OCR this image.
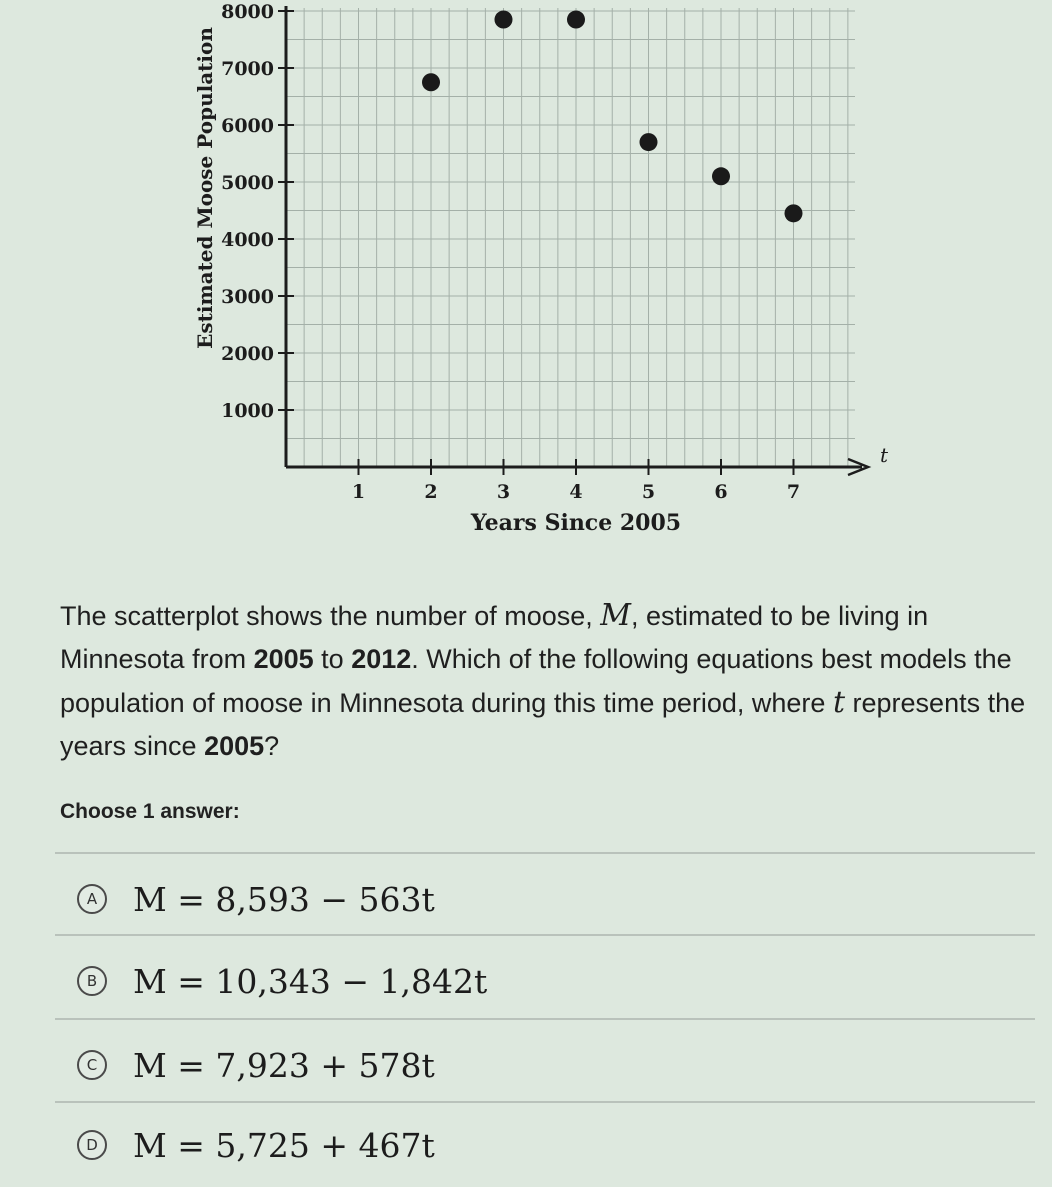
1000
2000
3000
4000
5000
6000
7000
8000
1	2	3	4	5	6	7
Estimated Moose Population
Years Since 2005
t

The scatterplot shows the number of moose, M, estimated to be living in Minnesota from 2005 to 2012. Which of the following equations best models the population of moose in Minnesota during this time period, where t represents the years since 2005?

Choose 1 answer:
A M = 8,593 − 563t
B M = 10,343 − 1,842t
C M = 7,923 + 578t
D M = 5,725 + 467t
